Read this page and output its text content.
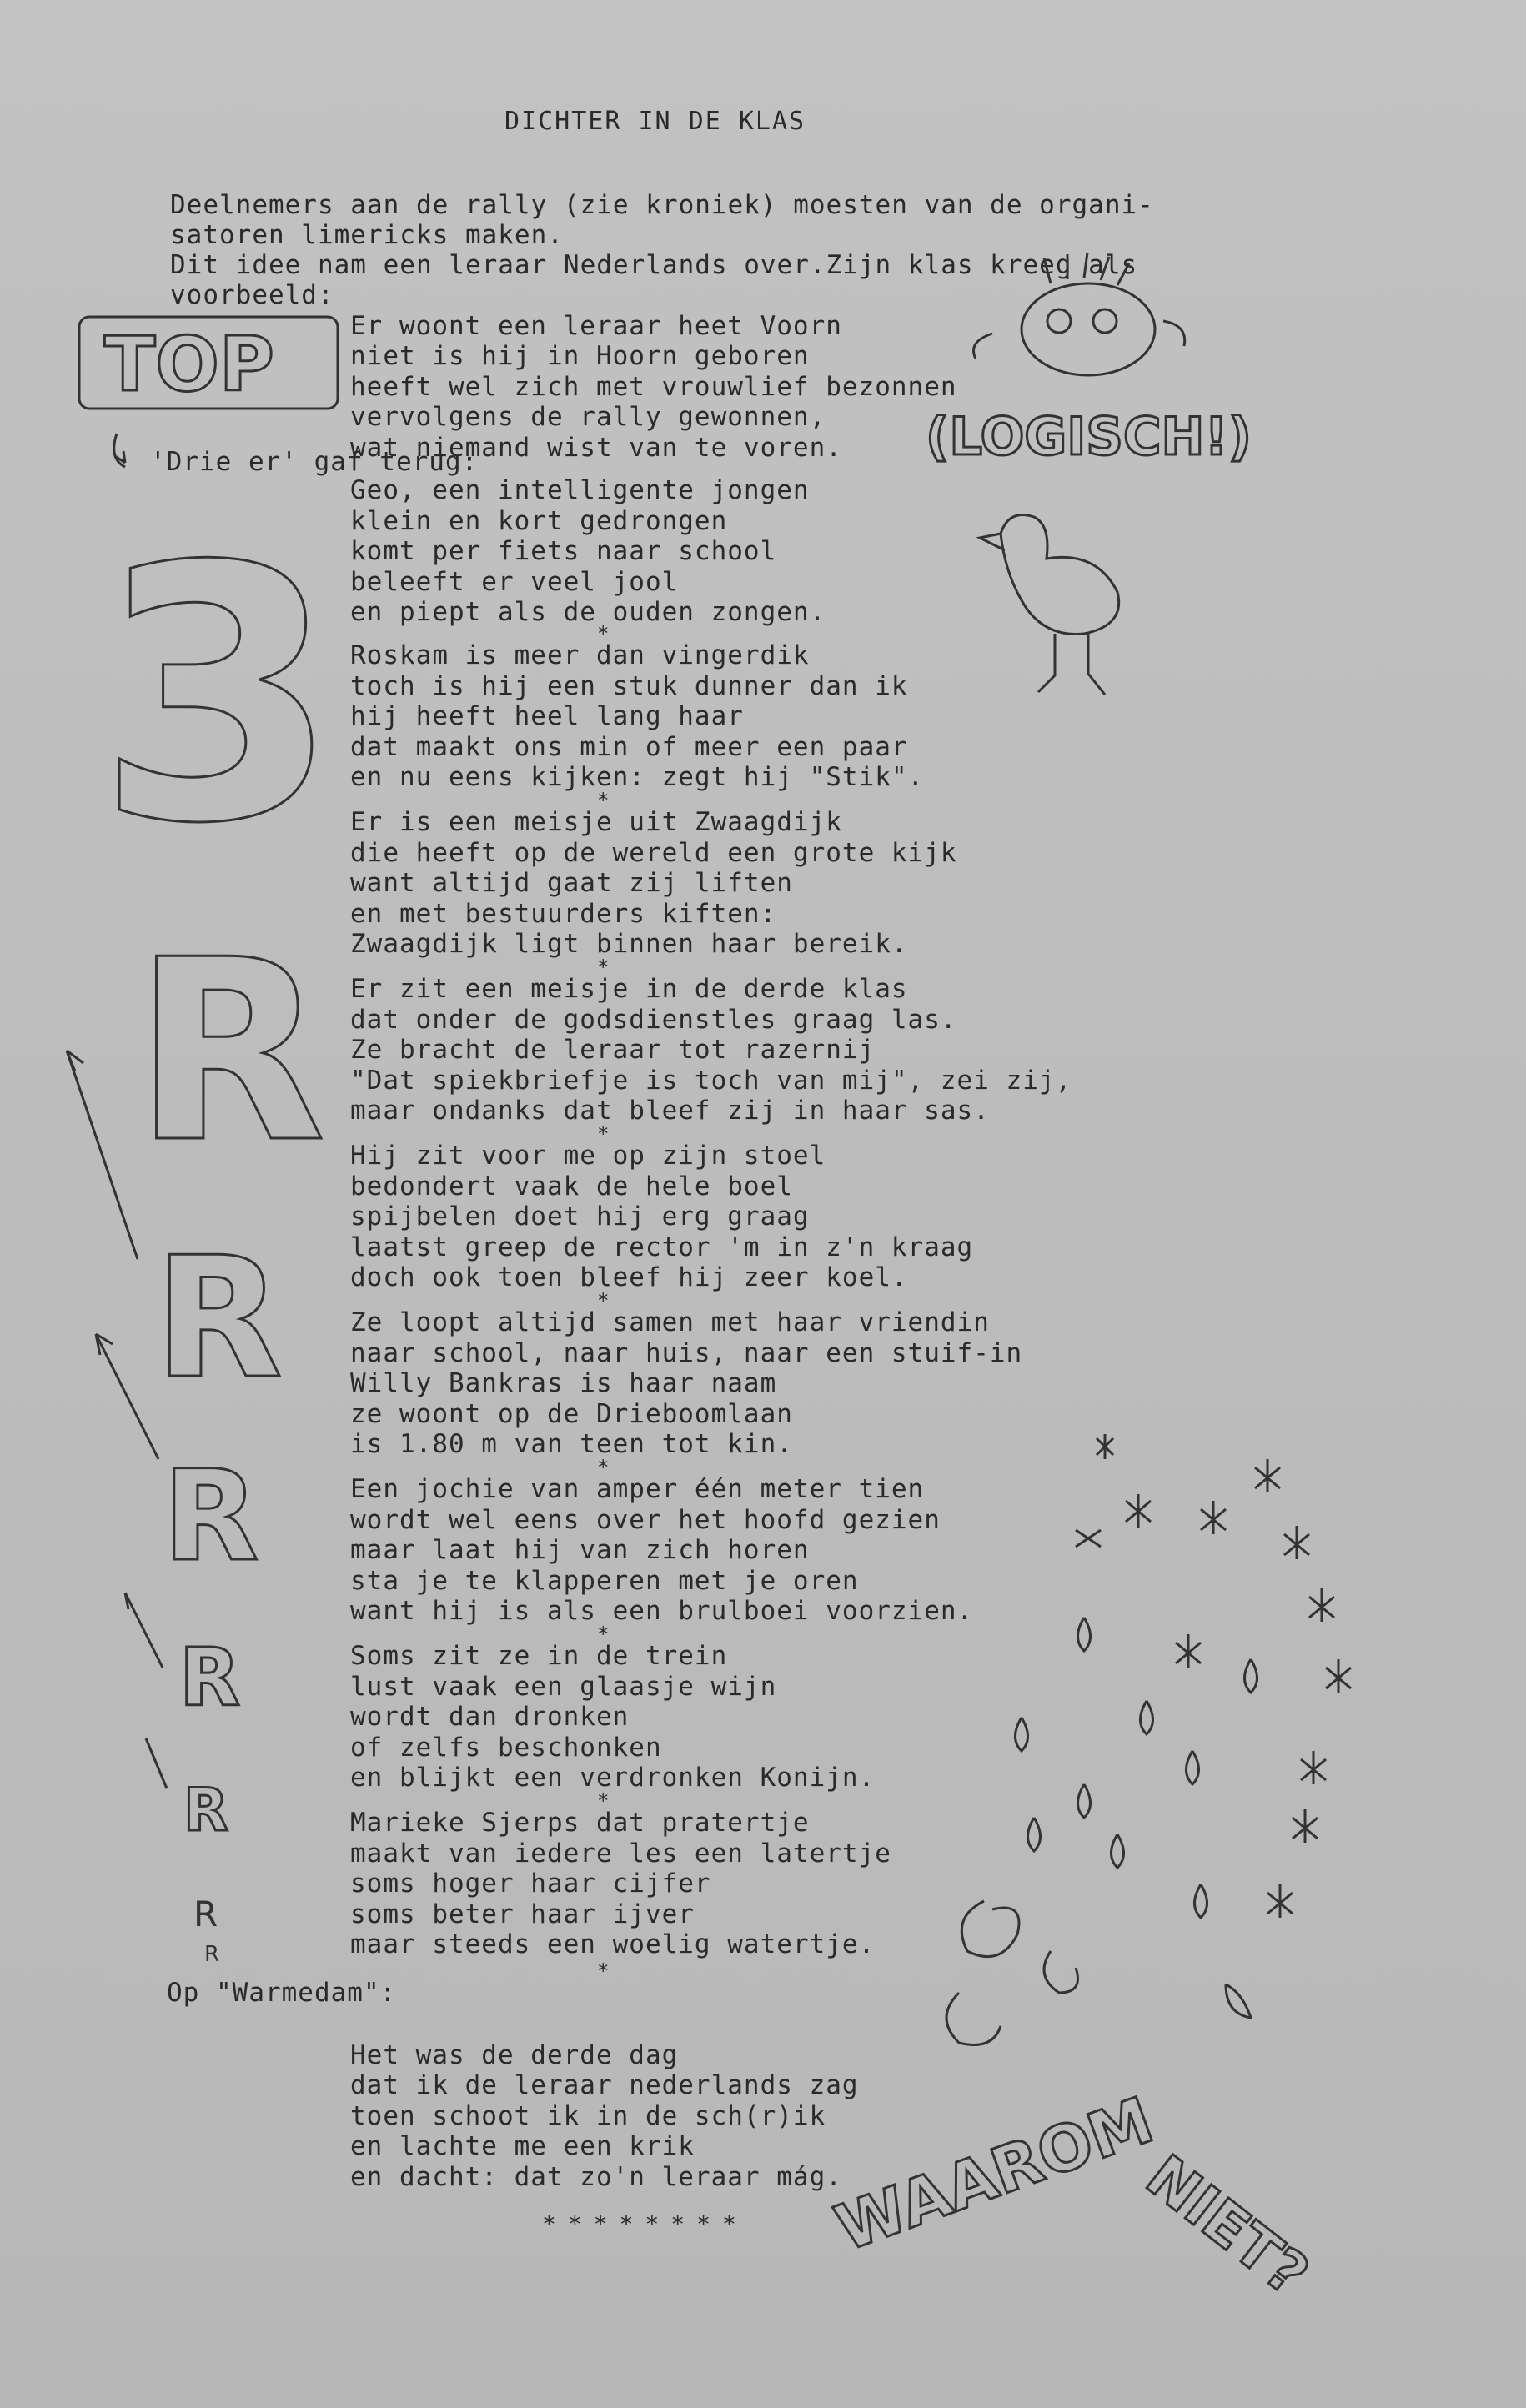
DICHTER IN DE KLAS

Deelnemers aan de rally (zie kroniek) moesten van de organi-
satoren limericks maken.
Dit idee nam een leraar Nederlands over.Zijn klas kreeg als
voorbeeld:

Er woont een leraar heet Voorn
niet is hij in Hoorn geboren
heeft wel zich met vrouwlief bezonnen
vervolgens de rally gewonnen,
wat niemand wist van te voren.

'Drie er' gaf terug:
Geo, een intelligente jongen
klein en kort gedrongen
komt per fiets naar school
beleeft er veel jool
en piept als de ouden zongen.
*
Roskam is meer dan vingerdik
toch is hij een stuk dunner dan ik
hij heeft heel lang haar
dat maakt ons min of meer een paar
en nu eens kijken: zegt hij "Stik".
*
Er is een meisje uit Zwaagdijk
die heeft op de wereld een grote kijk
want altijd gaat zij liften
en met bestuurders kiften:
Zwaagdijk ligt binnen haar bereik.
*
Er zit een meisje in de derde klas
dat onder de godsdienstles graag las.
Ze bracht de leraar tot razernij
"Dat spiekbriefje is toch van mij", zei zij,
maar ondanks dat bleef zij in haar sas.
*
Hij zit voor me op zijn stoel
bedondert vaak de hele boel
spijbelen doet hij erg graag
laatst greep de rector 'm in z'n kraag
doch ook toen bleef hij zeer koel.
*
Ze loopt altijd samen met haar vriendin
naar school, naar huis, naar een stuif-in
Willy Bankras is haar naam
ze woont op de Drieboomlaan
is 1.80 m van teen tot kin.
*
Een jochie van amper één meter tien
wordt wel eens over het hoofd gezien
maar laat hij van zich horen
sta je te klapperen met je oren
want hij is als een brulboei voorzien.
*
Soms zit ze in de trein
lust vaak een glaasje wijn
wordt dan dronken
of zelfs beschonken
en blijkt een verdronken Konijn.
*
Marieke Sjerps dat pratertje
maakt van iedere les een latertje
soms hoger haar cijfer
soms beter haar ijver
maar steeds een woelig watertje.
*
Op "Warmedam":

Het was de derde dag
dat ik de leraar nederlands zag
toen schoot ik in de sch(r)ik
en lachte me een krik
en dacht: dat zo'n leraar mág.

********
TOP
(LOGISCH!)
3
R
R
R
R
R
R
R
WAAROM
NIET?
